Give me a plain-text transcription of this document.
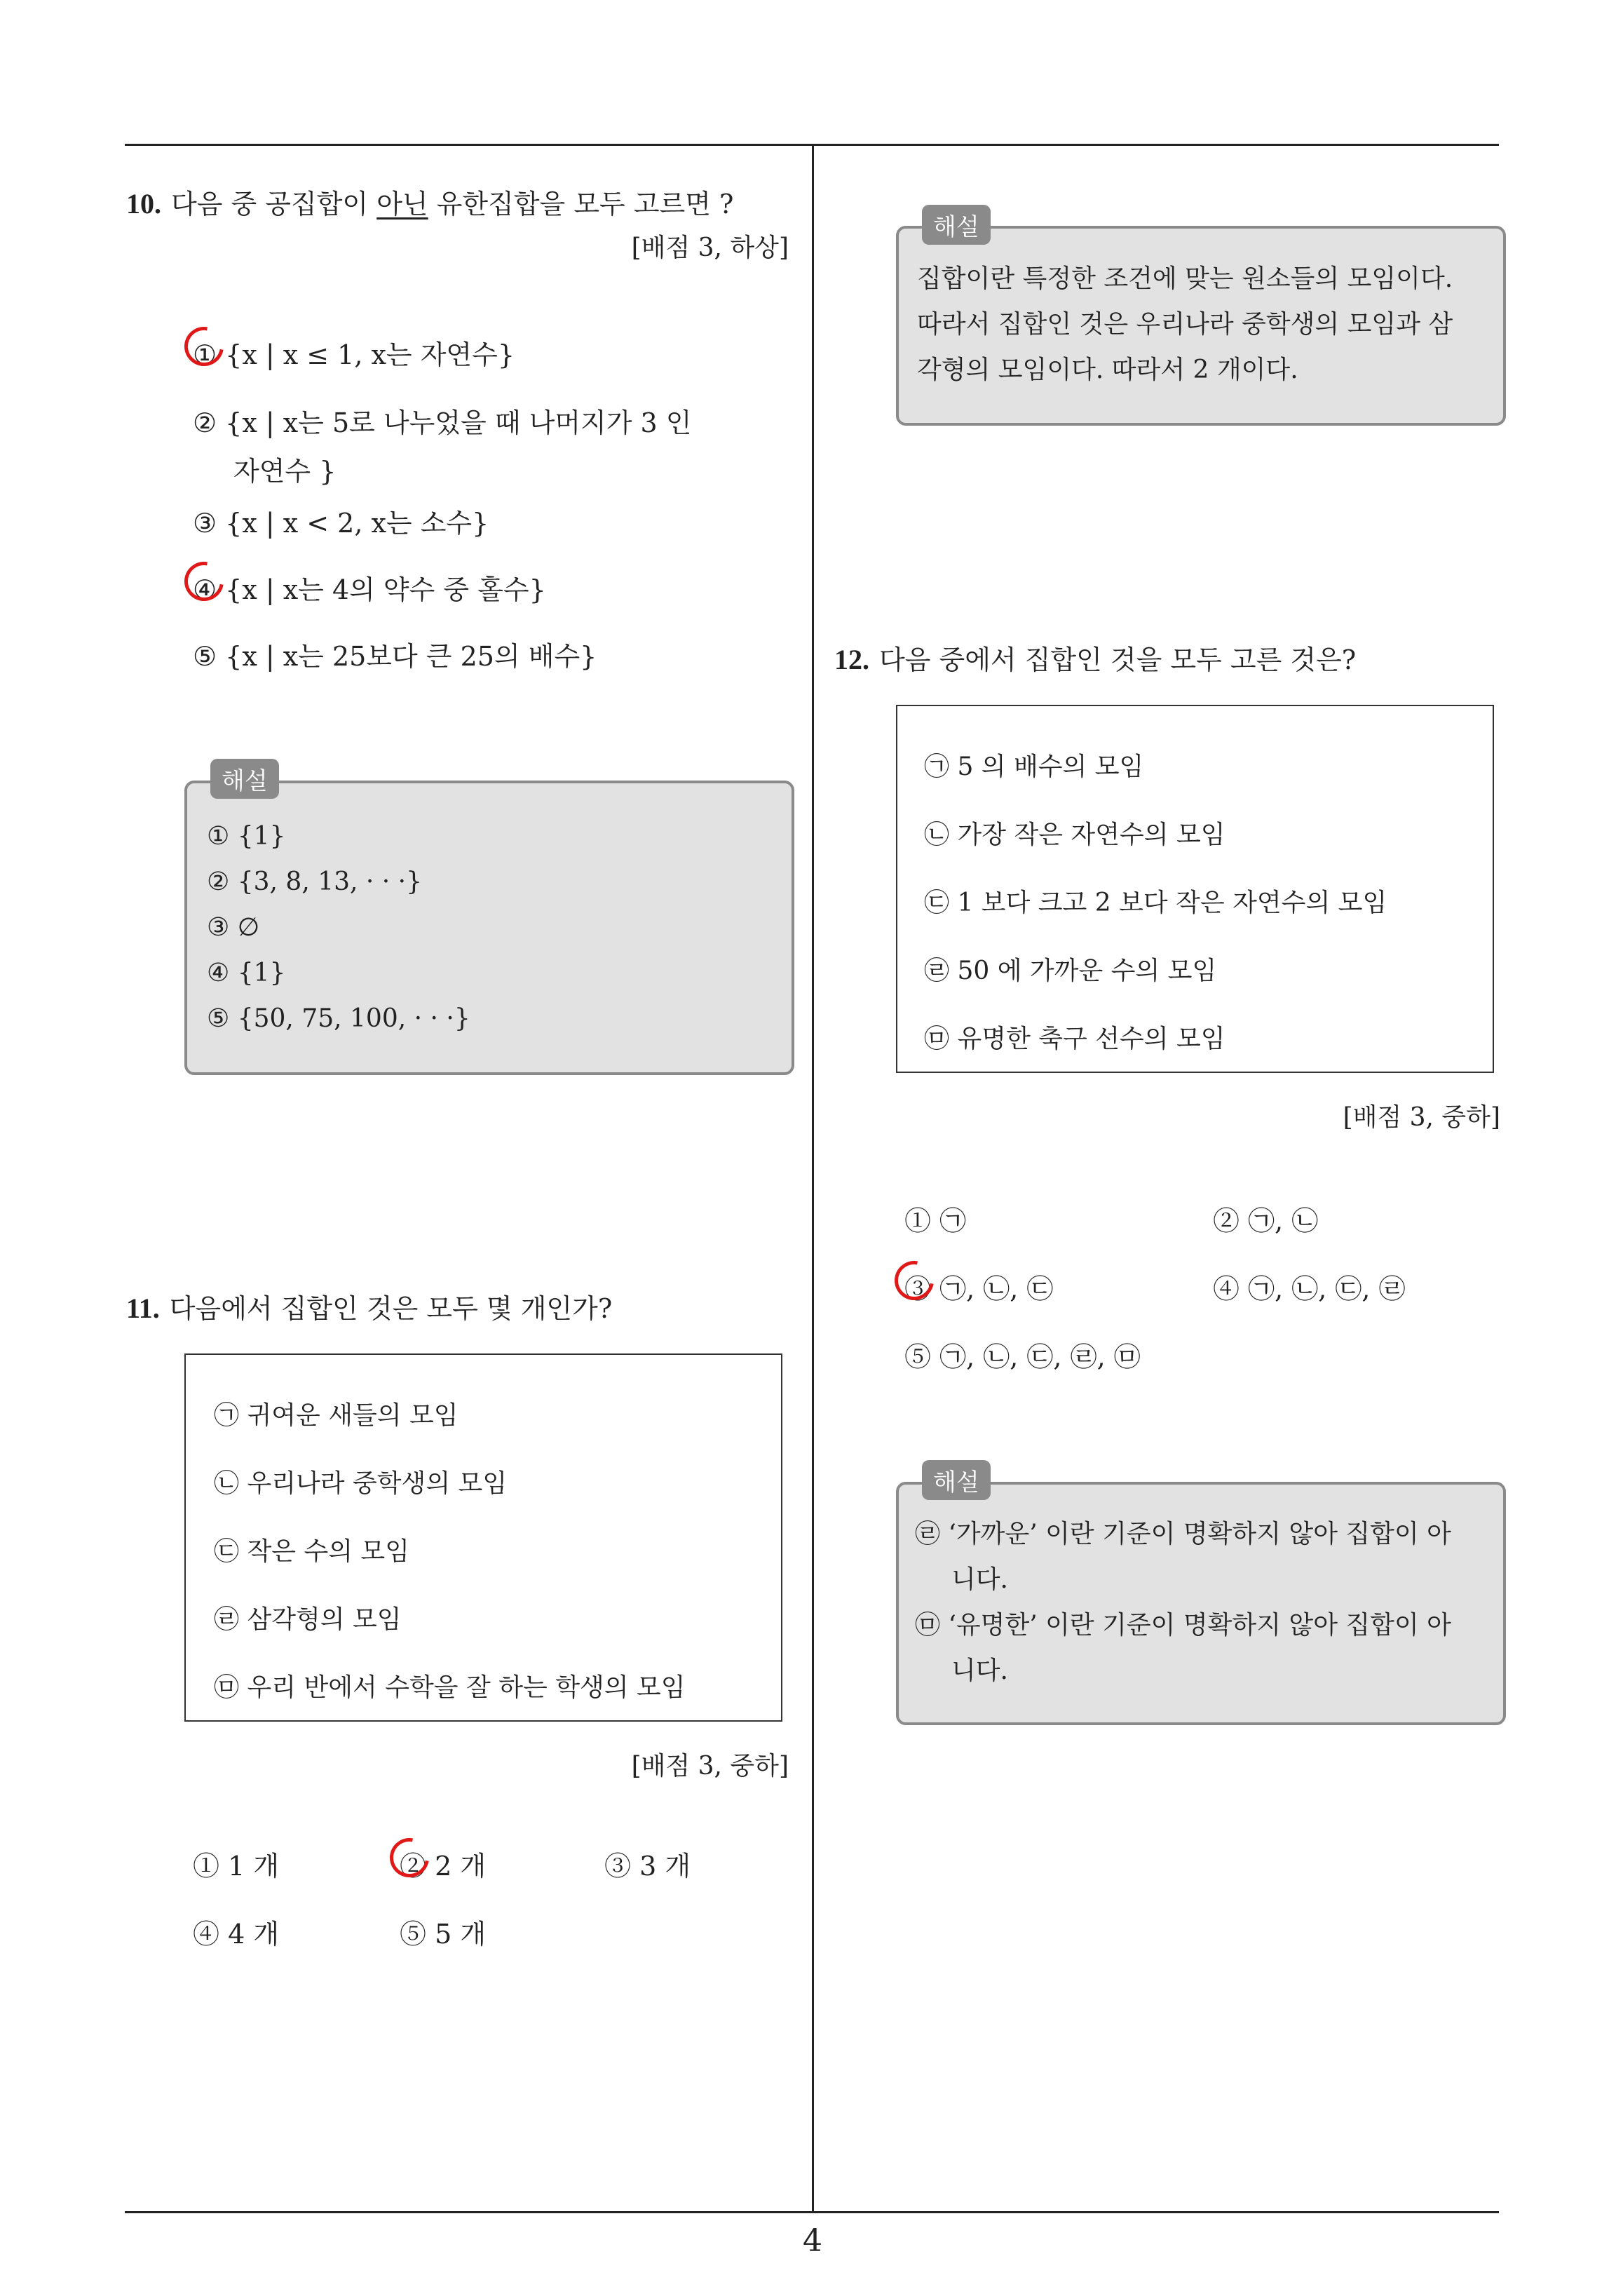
10. 다음 중 공집합이 아닌 유한집합을 모두 고르면 ?
[배점 3, 하상]
① {x | x ≤ 1, x는 자연수}
② {x | x는 5로 나누었을 때 나머지가 3 인
자연수 }
③ {x | x < 2, x는 소수}
④ {x | x는 4의 약수 중 홀수}
⑤ {x | x는 25보다 큰 25의 배수}
해설
① {1}
② {3, 8, 13, · · ·}
③ ∅
④ {1}
⑤ {50, 75, 100, · · ·}
11. 다음에서 집합인 것은 모두 몇 개인가?
㉠ 귀여운 새들의 모임
㉡ 우리나라 중학생의 모임
㉢ 작은 수의 모임
㉣ 삼각형의 모임
㉤ 우리 반에서 수학을 잘 하는 학생의 모임
[배점 3, 중하]
① 1 개	② 2 개	③ 3 개
④ 4 개	⑤ 5 개
해설
집합이란 특정한 조건에 맞는 원소들의 모임이다.
따라서 집합인 것은 우리나라 중학생의 모임과 삼
각형의 모임이다. 따라서 2 개이다.
12. 다음 중에서 집합인 것을 모두 고른 것은?
㉠ 5 의 배수의 모임
㉡ 가장 작은 자연수의 모임
㉢ 1 보다 크고 2 보다 작은 자연수의 모임
㉣ 50 에 가까운 수의 모임
㉤ 유명한 축구 선수의 모임
[배점 3, 중하]
① ㉠	② ㉠, ㉡
③ ㉠, ㉡, ㉢	④ ㉠, ㉡, ㉢, ㉣
⑤ ㉠, ㉡, ㉢, ㉣, ㉤
해설
㉣ ‘가까운’ 이란 기준이 명확하지 않아 집합이 아
니다.
㉤ ‘유명한’ 이란 기준이 명확하지 않아 집합이 아
니다.
4
